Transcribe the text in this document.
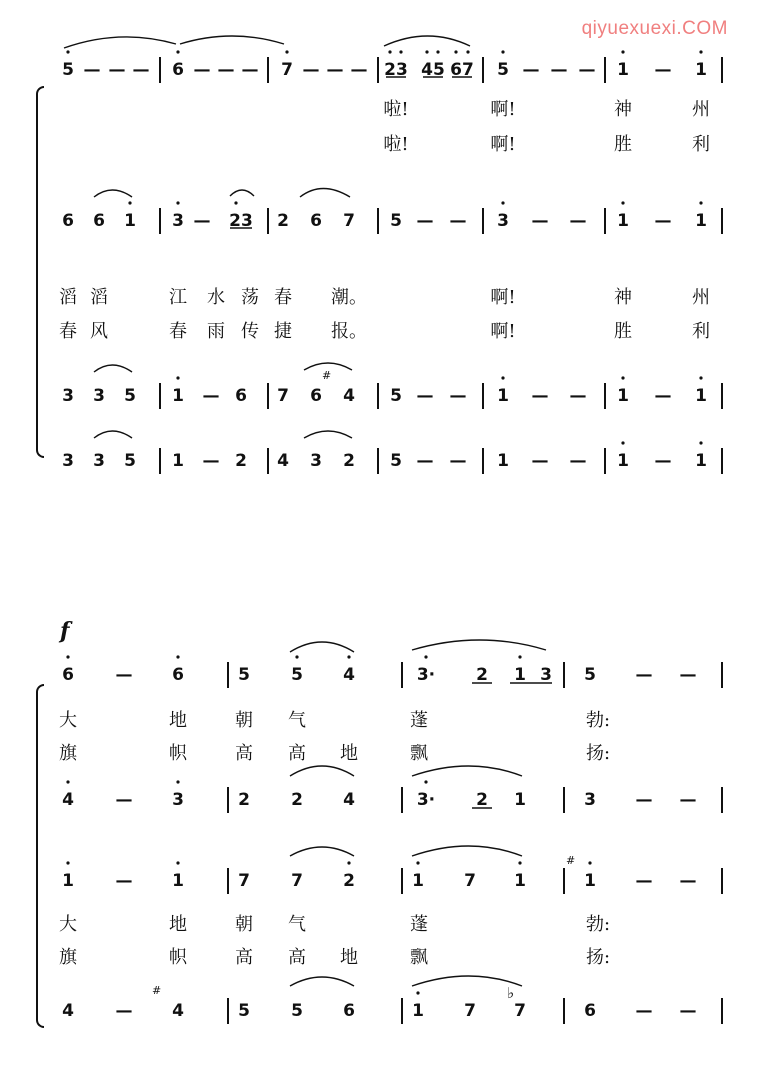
qiyuexuexi.COM
f
5 — — — 6 — — — 7 — — — 23 45 67 5 — — — 1 — 1
6 6 1 3 — 23 2 6 7 5 — — 3 — — 1 — 1
3 3 5 1 — 6 7 6 4 5 — — 1 — — 1 — 1
3 3 5 1 — 2 4 3 2 5 — — 1 — — 1 — 1
啦!	啊!	神	州
啦!	啊!	胜	利
滔 滔	江 水 荡 春 潮。	啊!	神	州
春 风	春 雨 传 捷 报。	啊!	胜	利
6 — 6	5 5 4	3· 2 1 3 5 — —
4 — 3	2 2 4	3· 2 1	3 — —
1 — 1	7 7 2	1 7 1	1 — —
4 — 4	5 5 6	1 7 7	6 — —
大	地	朝 气	蓬	勃:
旗	帜	高 高 地	飘	扬:
大	地	朝 气	蓬	勃:
旗	帜	高 高 地	飘	扬:
#
#
#
♭
